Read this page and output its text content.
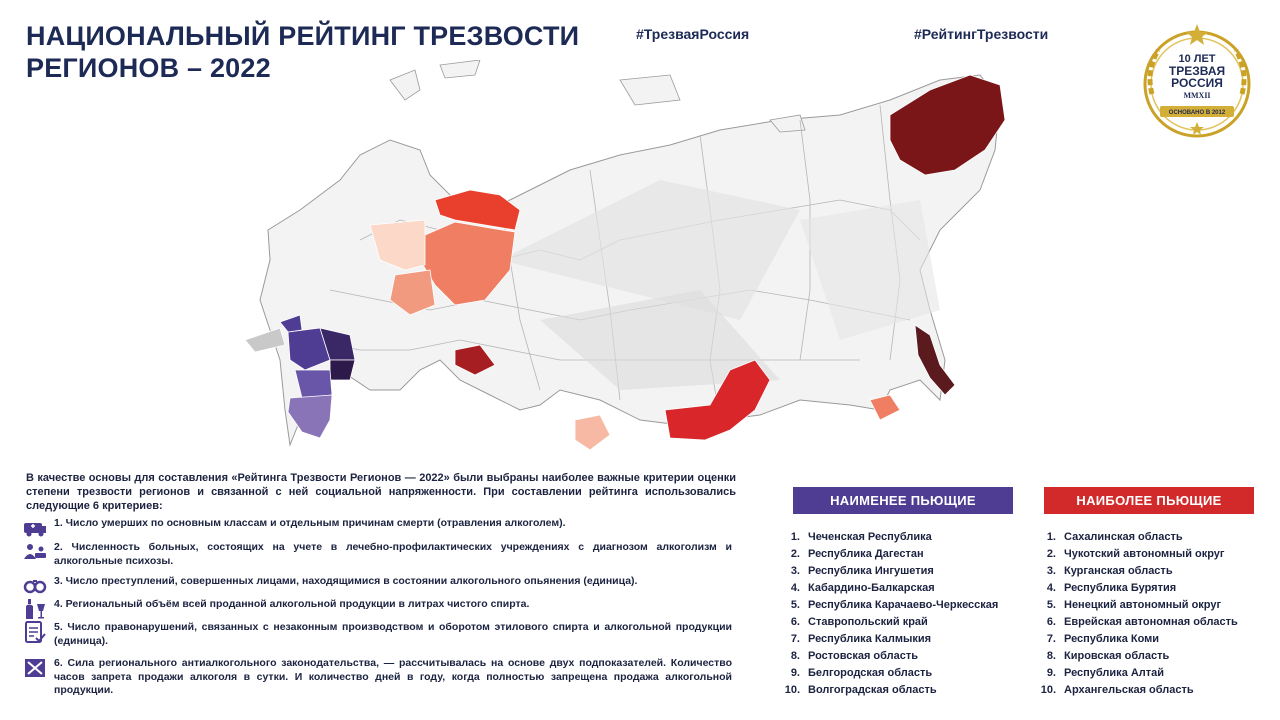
НАЦИОНАЛЬНЫЙ РЕЙТИНГ ТРЕЗВОСТИ
РЕГИОНОВ – 2022
#ТрезваяРоссия	#РейтингТрезвости
10 ЛЕТ
ТРЕЗВАЯ
РОССИЯ
MMXII
ОСНОВАНО В 2012
В качестве основы для составления «Рейтинга Трезвости Регионов — 2022» были выбраны наиболее важные критерии оценки степени трезвости регионов и связанной с ней социальной напряженности. При составлении рейтинга использовались следующие 6 критериев:
1. Число умерших по основным классам и отдельным причинам смерти (отравления алкоголем).
2. Численность больных, состоящих на учете в лечебно-профилактических учреждениях с диагнозом алкоголизм и алкогольные психозы.
3. Число преступлений, совершенных лицами, находящимися в состоянии алкогольного опьянения (единица).
4. Региональный объём всей проданной алкогольной продукции в литрах чистого спирта.
5. Число правонарушений, связанных с незаконным производством и оборотом этилового спирта и алкогольной продукции (единица).
6. Сила регионального антиалкогольного законодательства, — рассчитывалась на основе двух подпоказателей. Количество часов запрета продажи алкоголя в сутки. И количество дней в году, когда полностью запрещена продажа алкогольной продукции.
НАИМЕНЕЕ ПЬЮЩИЕ	НАИБОЛЕЕ ПЬЮЩИЕ
1. Чеченская Республика
2. Республика Дагестан
3. Республика Ингушетия
4. Кабардино-Балкарская
5. Республика Карачаево-Черкесская
6. Ставропольский край
7. Республика Калмыкия
8. Ростовская область
9. Белгородская область
10. Волгоградская область
1. Сахалинская область
2. Чукотский автономный округ
3. Курганская область
4. Республика Бурятия
5. Ненецкий автономный округ
6. Еврейская автономная область
7. Республика Коми
8. Кировская область
9. Республика Алтай
10. Архангельская область
